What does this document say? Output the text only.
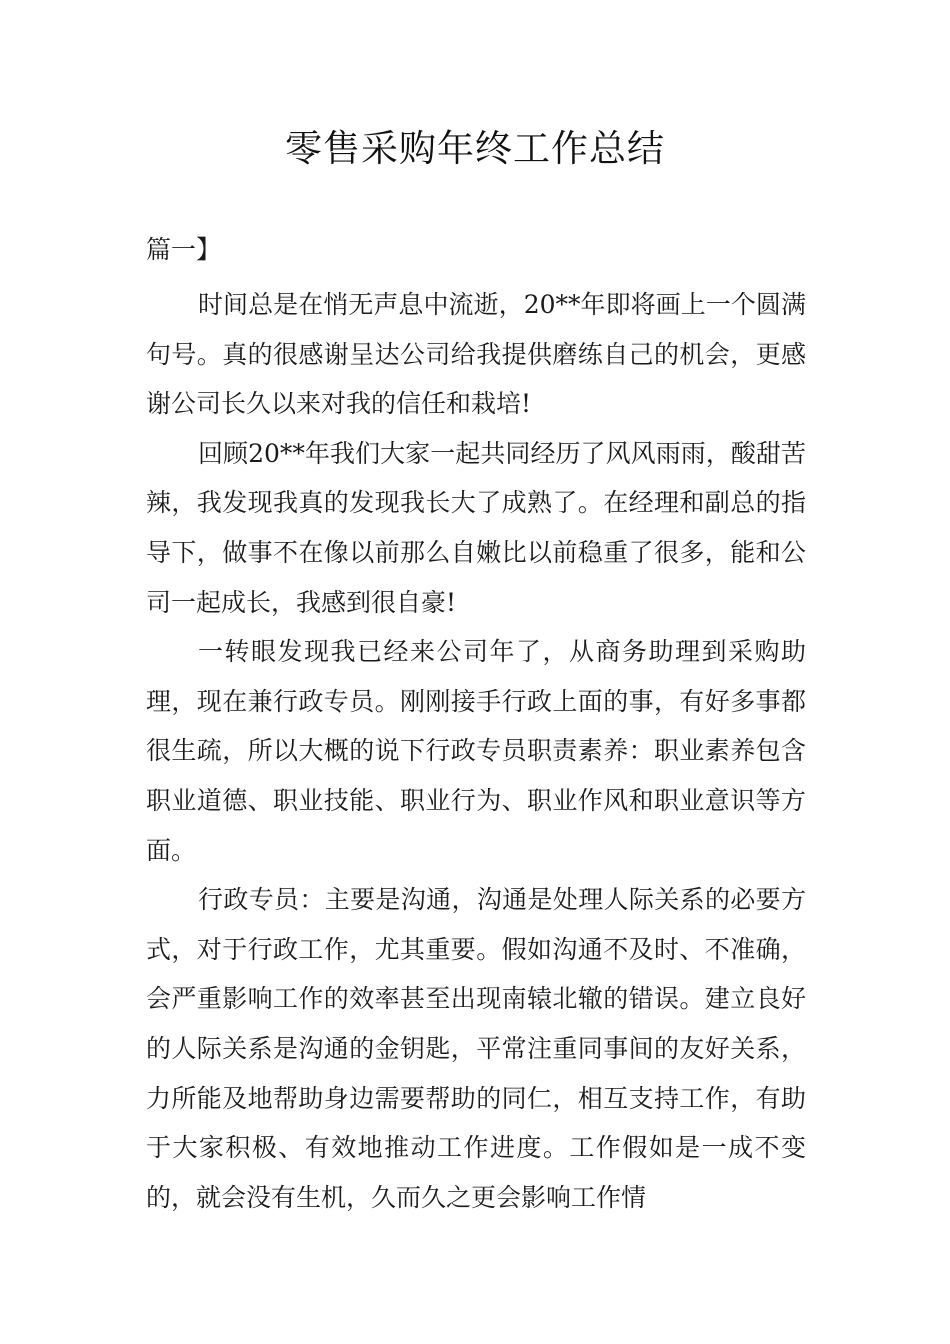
零售采购年终工作总结
篇一】

时间总是在悄无声息中流逝，20**年即将画上一个圆满句号。真的很感谢呈达公司给我提供磨练自己的机会，更感谢公司长久以来对我的信任和栽培!

回顾20**年我们大家一起共同经历了风风雨雨，酸甜苦辣，我发现我真的发现我长大了成熟了。在经理和副总的指导下，做事不在像以前那么自嫩比以前稳重了很多，能和公司一起成长，我感到很自豪!

一转眼发现我已经来公司年了，从商务助理到采购助理，现在兼行政专员。刚刚接手行政上面的事，有好多事都很生疏，所以大概的说下行政专员职责素养：职业素养包含职业道德、职业技能、职业行为、职业作风和职业意识等方面。

行政专员：主要是沟通，沟通是处理人际关系的必要方式，对于行政工作，尤其重要。假如沟通不及时、不准确，会严重影响工作的效率甚至出现南辕北辙的错误。建立良好的人际关系是沟通的金钥匙，平常注重同事间的友好关系，力所能及地帮助身边需要帮助的同仁，相互支持工作，有助于大家积极、有效地推动工作进度。工作假如是一成不变的，就会没有生机，久而久之更会影响工作情
